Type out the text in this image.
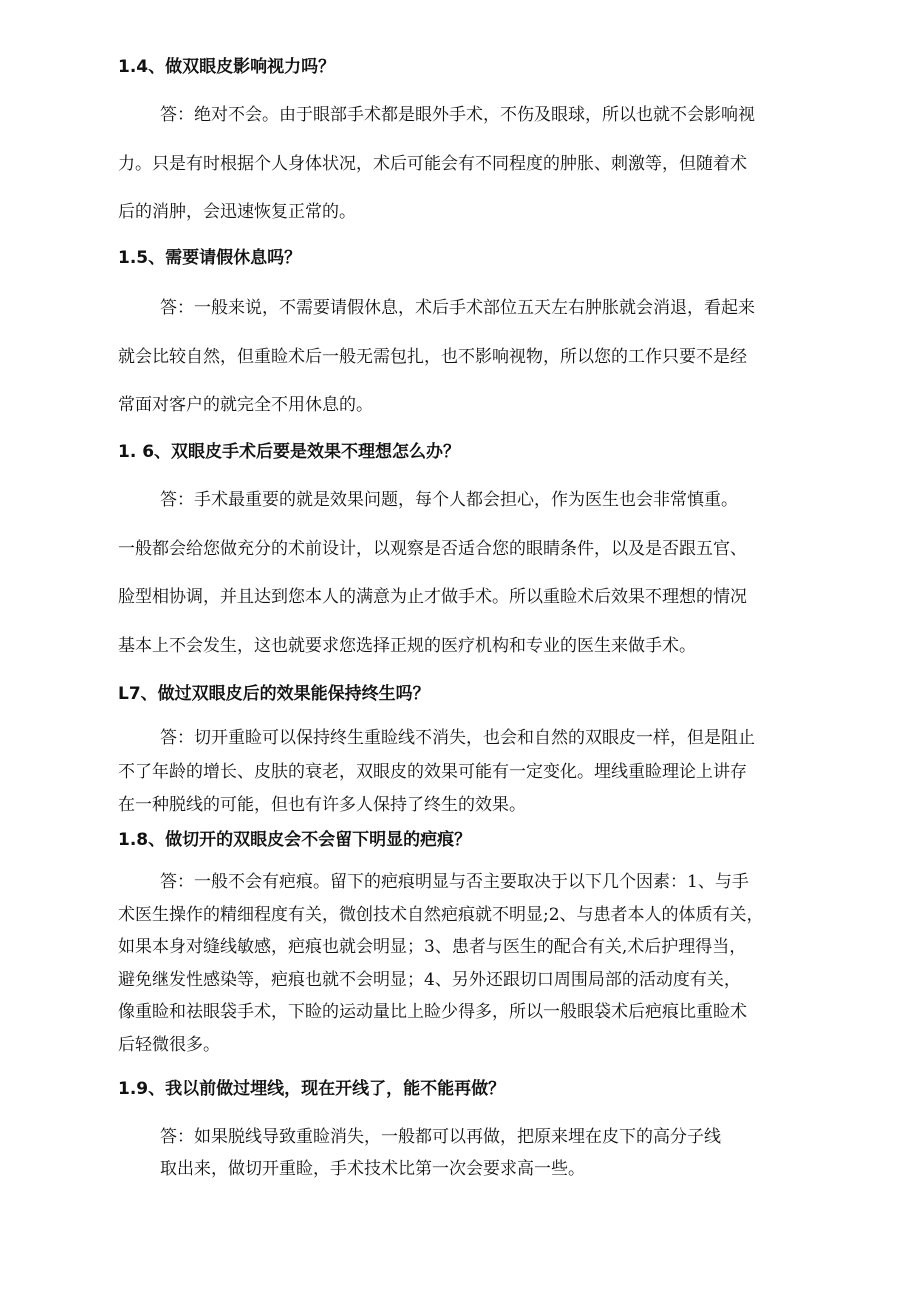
1.4、做双眼皮影响视力吗？
答：绝对不会。由于眼部手术都是眼外手术，不伤及眼球，所以也就不会影响视
力。只是有时根据个人身体状况，术后可能会有不同程度的肿胀、刺激等，但随着术
后的消肿，会迅速恢复正常的。
1.5、需要请假休息吗？
答：一般来说，不需要请假休息，术后手术部位五天左右肿胀就会消退，看起来
就会比较自然，但重睑术后一般无需包扎，也不影响视物，所以您的工作只要不是经
常面对客户的就完全不用休息的。
1. 6、双眼皮手术后要是效果不理想怎么办？
答：手术最重要的就是效果问题，每个人都会担心，作为医生也会非常慎重。
一般都会给您做充分的术前设计，以观察是否适合您的眼睛条件，以及是否跟五官、
脸型相协调，并且达到您本人的满意为止才做手术。所以重睑术后效果不理想的情况
基本上不会发生，这也就要求您选择正规的医疗机构和专业的医生来做手术。
L7、做过双眼皮后的效果能保持终生吗？
答：切开重睑可以保持终生重睑线不消失，也会和自然的双眼皮一样，但是阻止
不了年龄的增长、皮肤的衰老，双眼皮的效果可能有一定变化。埋线重睑理论上讲存
在一种脱线的可能，但也有许多人保持了终生的效果。
1.8、做切开的双眼皮会不会留下明显的疤痕？
答：一般不会有疤痕。留下的疤痕明显与否主要取决于以下几个因素：1、与手
术医生操作的精细程度有关，微创技术自然疤痕就不明显;2、与患者本人的体质有关，
如果本身对缝线敏感，疤痕也就会明显；3、患者与医生的配合有关,术后护理得当，
避免继发性感染等，疤痕也就不会明显；4、另外还跟切口周围局部的活动度有关，
像重睑和祛眼袋手术，下睑的运动量比上睑少得多，所以一般眼袋术后疤痕比重睑术
后轻微很多。
1.9、我以前做过埋线，现在开线了，能不能再做？
答：如果脱线导致重睑消失，一般都可以再做，把原来埋在皮下的高分子线
取出来，做切开重睑，手术技术比第一次会要求高一些。
